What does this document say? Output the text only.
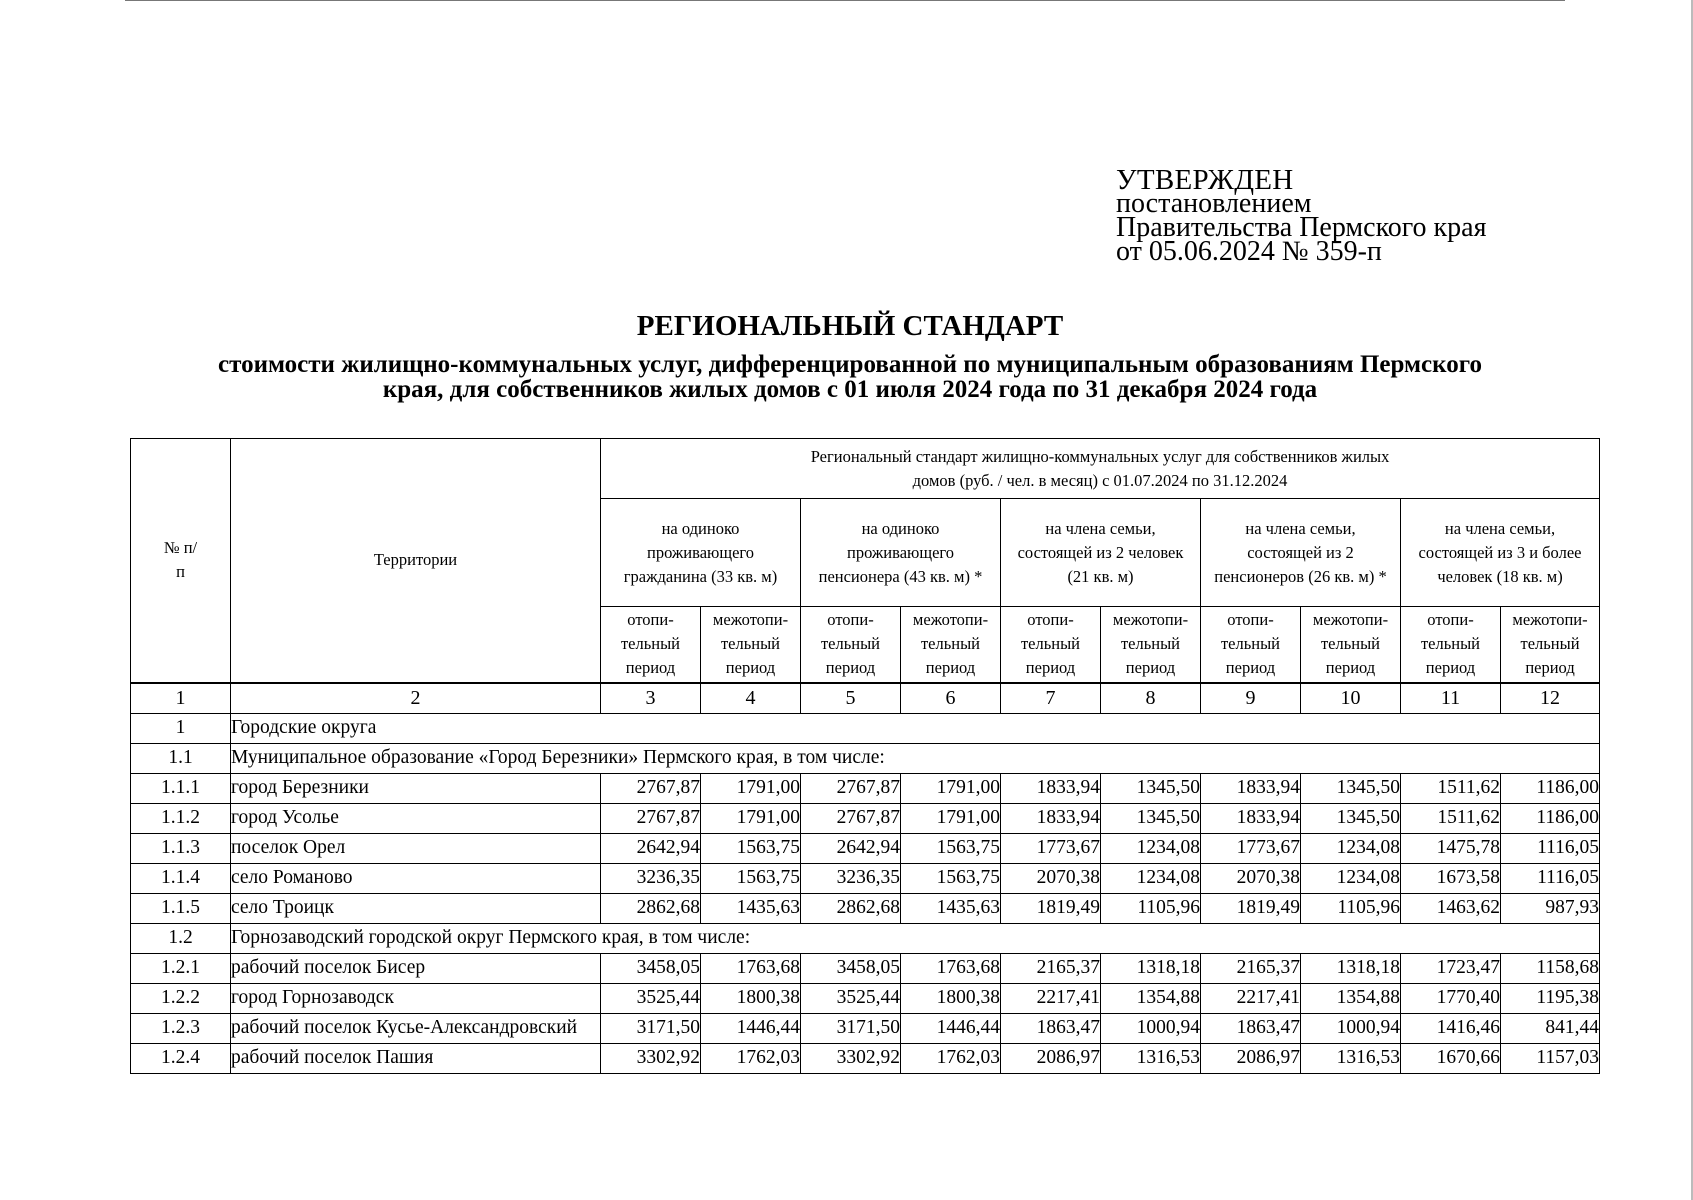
УТВЕРЖДЕН
постановлением
Правительства Пермского края
от 05.06.2024 № 359-п
РЕГИОНАЛЬНЫЙ СТАНДАРТ
стоимости жилищно-коммунальных услуг, дифференцированной по муниципальным образованиям Пермского
края, для собственников жилых домов с 01 июля 2024 года по 31 декабря 2024 года
№ п/п	Территории	Региональный стандарт жилищно-коммунальных услуг для собственников жилых домов (руб. / чел. в месяц) с 01.07.2024 по 31.12.2024									
		на одиноко проживающего гражданина (33 кв. м)		на одиноко проживающего пенсионера (43 кв. м) *		на члена семьи, состоящей из 2 человек (21 кв. м)		на члена семьи, состоящей из 2 пенсионеров (26 кв. м) *		на члена семьи, состоящей из 3 и более человек (18 кв. м)	
		отопи- тельный период	межотопи- тельный период	отопи- тельный период	межотопи- тельный период	отопи- тельный период	межотопи- тельный период	отопи- тельный период	межотопи- тельный период	отопи- тельный период	межотопи- тельный период
1	2	3	4	5	6	7	8	9	10	11	12
1	Городские округа										
1.1	Муниципальное образование «Город Березники» Пермского края, в том числе:										
1.1.1	город Березники	2767,87	1791,00	2767,87	1791,00	1833,94	1345,50	1833,94	1345,50	1511,62	1186,00
1.1.2	город Усолье	2767,87	1791,00	2767,87	1791,00	1833,94	1345,50	1833,94	1345,50	1511,62	1186,00
1.1.3	поселок Орел	2642,94	1563,75	2642,94	1563,75	1773,67	1234,08	1773,67	1234,08	1475,78	1116,05
1.1.4	село Романово	3236,35	1563,75	3236,35	1563,75	2070,38	1234,08	2070,38	1234,08	1673,58	1116,05
1.1.5	село Троицк	2862,68	1435,63	2862,68	1435,63	1819,49	1105,96	1819,49	1105,96	1463,62	987,93
1.2	Горнозаводский городской округ Пермского края, в том числе:										
1.2.1	рабочий поселок Бисер	3458,05	1763,68	3458,05	1763,68	2165,37	1318,18	2165,37	1318,18	1723,47	1158,68
1.2.2	город Горнозаводск	3525,44	1800,38	3525,44	1800,38	2217,41	1354,88	2217,41	1354,88	1770,40	1195,38
1.2.3	рабочий поселок Кусье-Александровский	3171,50	1446,44	3171,50	1446,44	1863,47	1000,94	1863,47	1000,94	1416,46	841,44
1.2.4	рабочий поселок Пашия	3302,92	1762,03	3302,92	1762,03	2086,97	1316,53	2086,97	1316,53	1670,66	1157,03
